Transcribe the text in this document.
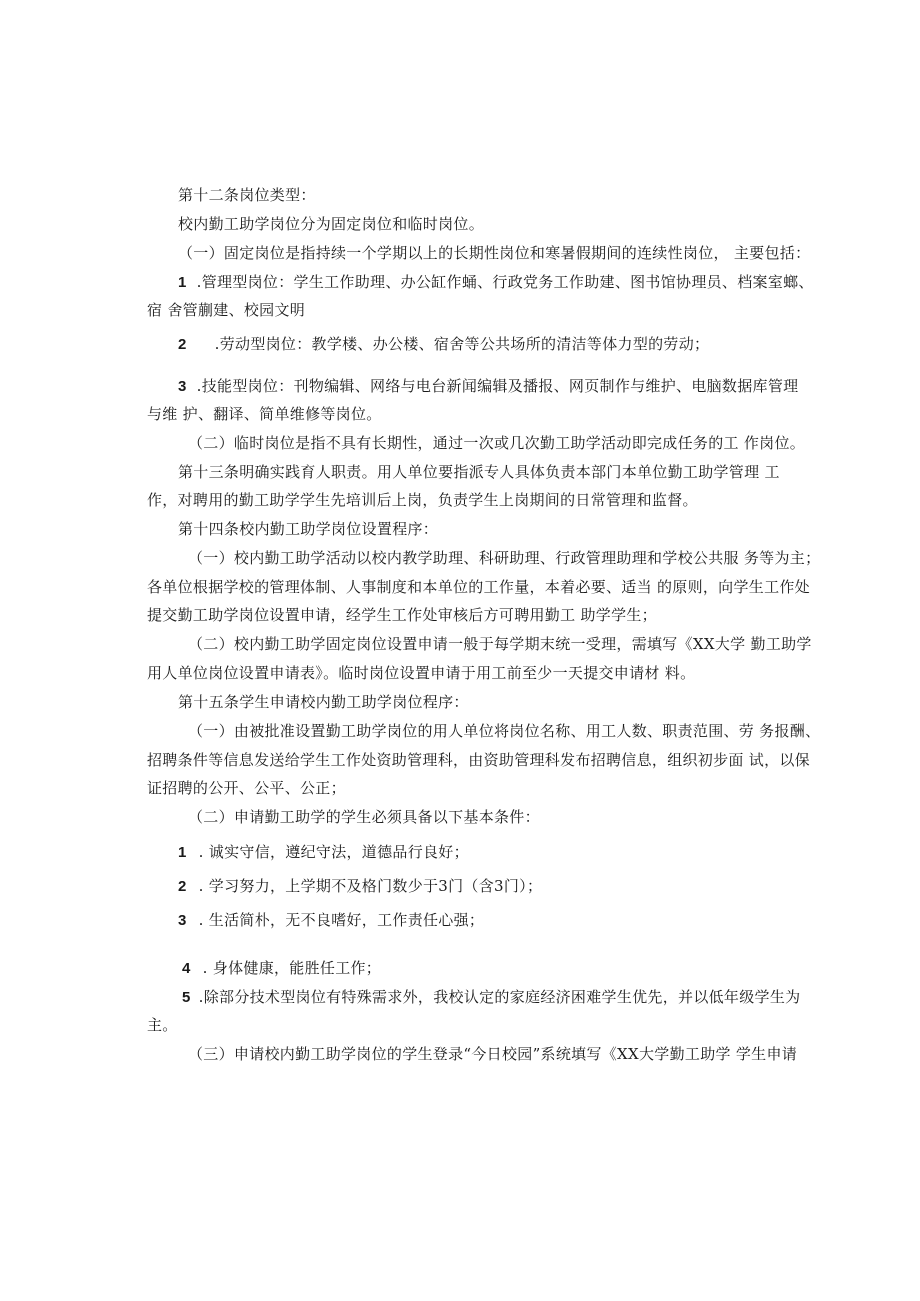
第十二条岗位类型：
校内勤工助学岗位分为固定岗位和临时岗位。
（一）固定岗位是指持续一个学期以上的长期性岗位和寒暑假期间的连续性岗位， 主要包括：
1 .管理型岗位：学生工作助理、办公缸作蛹、行政党务工作助建、图书馆协理员、档案室螂、
宿 舍管蒯建、校园文明
2 .劳动型岗位：教学楼、办公楼、宿舍等公共场所的清洁等体力型的劳动；
3 .技能型岗位：刊物编辑、网络与电台新闻编辑及播报、网页制作与维护、电脑数据库管理
与维 护、翻译、简单维修等岗位。
（二）临时岗位是指不具有长期性，通过一次或几次勤工助学活动即完成任务的工 作岗位。
第十三条明确实践育人职责。用人单位要指派专人具体负责本部门本单位勤工助学管理 工
作，对聘用的勤工助学学生先培训后上岗，负责学生上岗期间的日常管理和监督。
第十四条校内勤工助学岗位设置程序：
（一）校内勤工助学活动以校内教学助理、科研助理、行政管理助理和学校公共服 务等为主；
各单位根据学校的管理体制、人事制度和本单位的工作量，本着必要、适当 的原则，向学生工作处
提交勤工助学岗位设置申请，经学生工作处审核后方可聘用勤工 助学学生；
（二）校内勤工助学固定岗位设置申请一般于每学期末统一受理，需填写《XX大学 勤工助学
用人单位岗位设置申请表》。临时岗位设置申请于用工前至少一天提交申请材 料。
第十五条学生申请校内勤工助学岗位程序：
（一）由被批准设置勤工助学岗位的用人单位将岗位名称、用工人数、职责范围、劳 务报酬、
招聘条件等信息发送给学生工作处资助管理科，由资助管理科发布招聘信息，组织初步面 试，以保
证招聘的公开、公平、公正；
（二）申请勤工助学的学生必须具备以下基本条件：
1 . 诚实守信，遵纪守法，道德品行良好；
2 . 学习努力，上学期不及格门数少于3门（含3门）；
3 . 生活简朴，无不良嗜好，工作责任心强；
4 . 身体健康，能胜任工作；
5 .除部分技术型岗位有特殊需求外，我校认定的家庭经济困难学生优先，并以低年级学生为
主。
（三）申请校内勤工助学岗位的学生登录“今日校园”系统填写《XX大学勤工助学 学生申请
